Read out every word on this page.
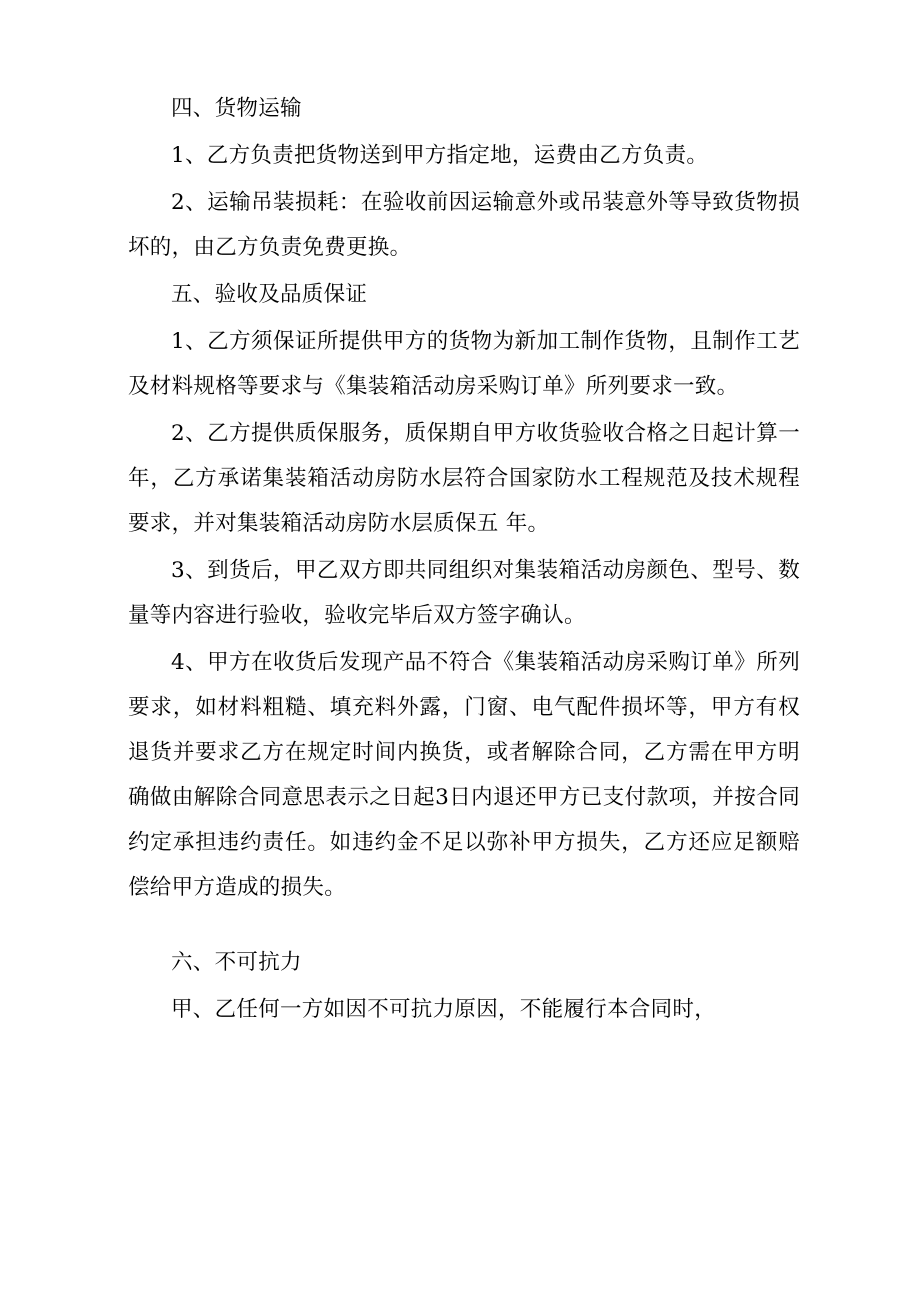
四、货物运输

1、乙方负责把货物送到甲方指定地，运费由乙方负责。

2、运输吊装损耗：在验收前因运输意外或吊装意外等导致货物损坏的，由乙方负责免费更换。

五、验收及品质保证

1、乙方须保证所提供甲方的货物为新加工制作货物，且制作工艺及材料规格等要求与《集装箱活动房采购订单》所列要求一致。

2、乙方提供质保服务，质保期自甲方收货验收合格之日起计算一年，乙方承诺集装箱活动房防水层符合国家防水工程规范及技术规程要求，并对集装箱活动房防水层质保五 年。

3、到货后，甲乙双方即共同组织对集装箱活动房颜色、型号、数量等内容进行验收，验收完毕后双方签字确认。

4、甲方在收货后发现产品不符合《集装箱活动房采购订单》所列要求，如材料粗糙、填充料外露，门窗、电气配件损坏等，甲方有权退货并要求乙方在规定时间内换货，或者解除合同，乙方需在甲方明确做由解除合同意思表示之日起3日内退还甲方已支付款项，并按合同约定承担违约责任。如违约金不足以弥补甲方损失，乙方还应足额赔偿给甲方造成的损失。

六、不可抗力

甲、乙任何一方如因不可抗力原因，不能履行本合同时，
